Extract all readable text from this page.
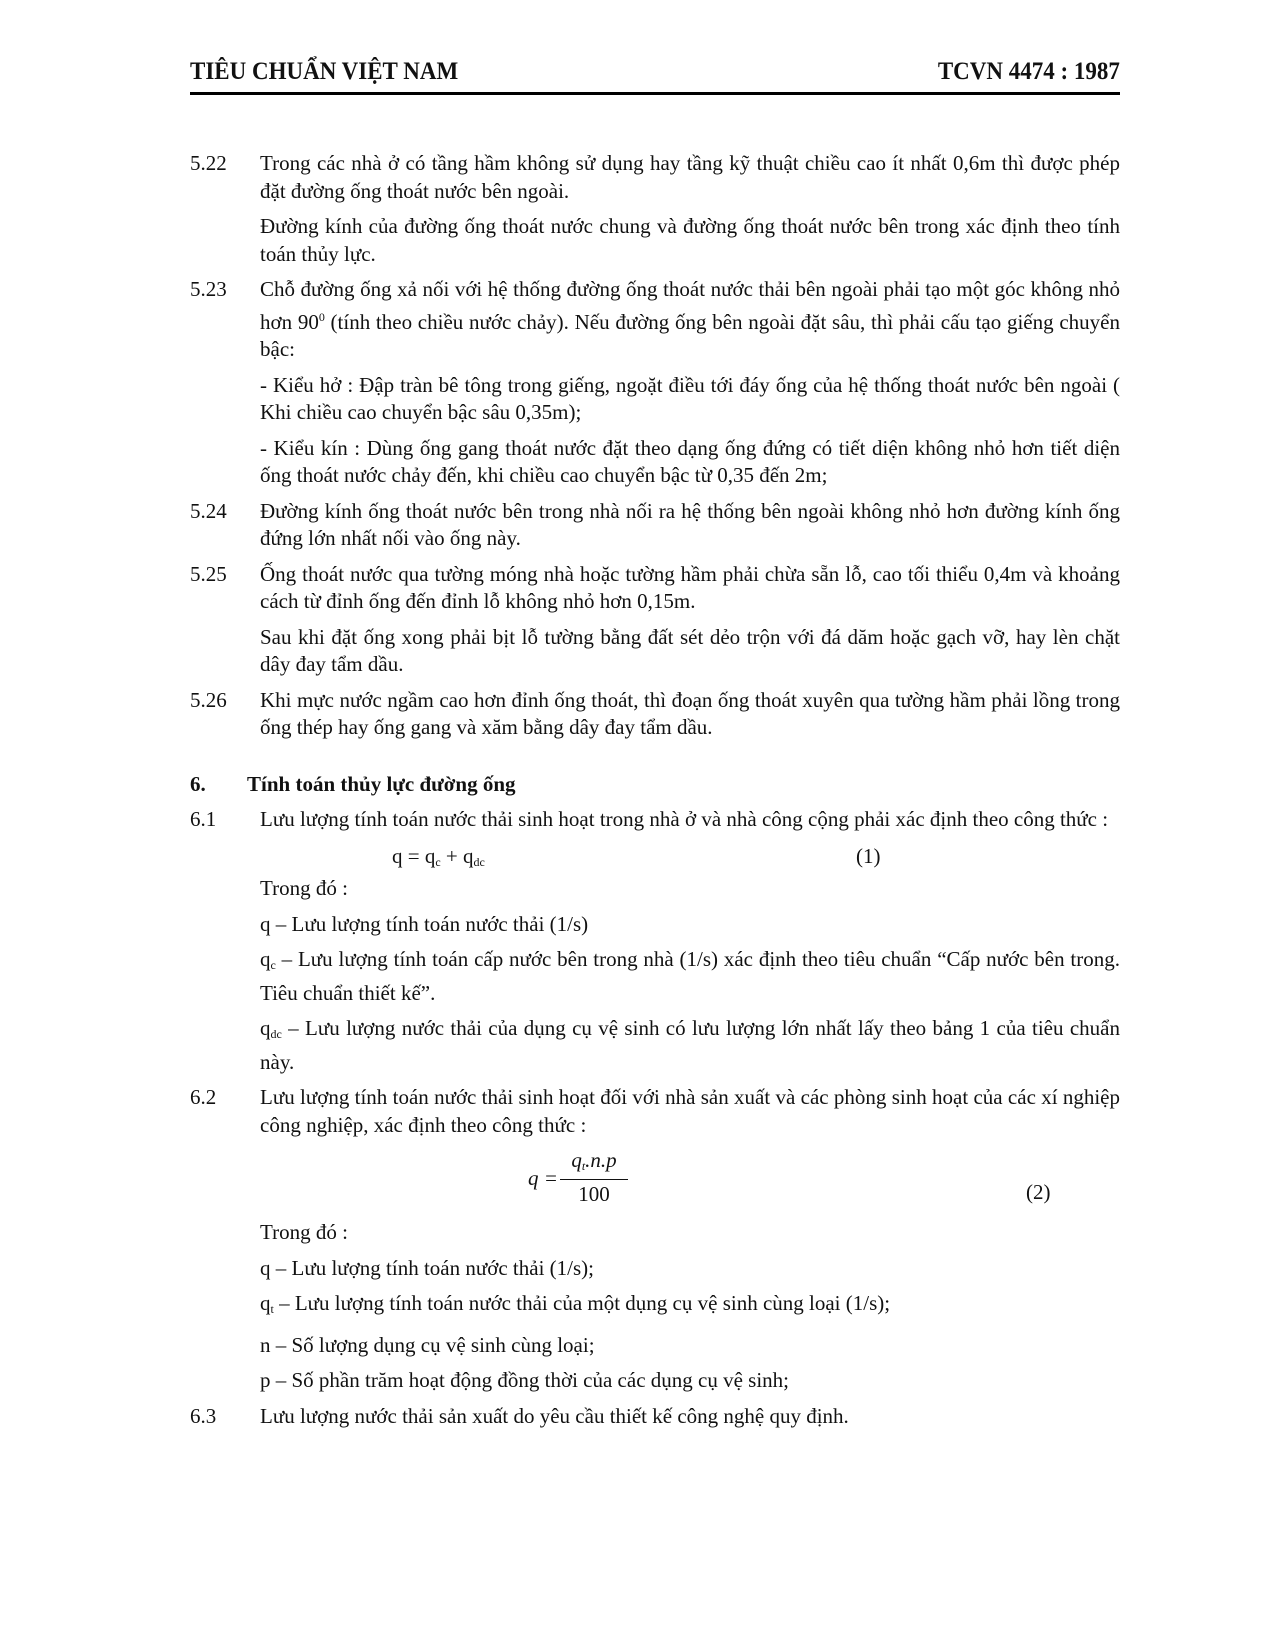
TIÊU CHUẨN VIỆT NAM	TCVN 4474 : 1987
5.22 Trong các nhà ở có tầng hầm không sử dụng hay tầng kỹ thuật chiều cao ít nhất 0,6m thì được phép đặt đường ống thoát nước bên ngoài.

Đường kính của đường ống thoát nước chung và đường ống thoát nước bên trong xác định theo tính toán thủy lực.

5.23 Chỗ đường ống xả nối với hệ thống đường ống thoát nước thải bên ngoài phải tạo một góc không nhỏ hơn $90^0$ (tính theo chiều nước chảy). Nếu đường ống bên ngoài đặt sâu, thì phải cấu tạo giếng chuyển bậc:

- Kiểu hở : Đập tràn bê tông trong giếng, ngoặt điều tới đáy ống của hệ thống thoát nước bên ngoài ( Khi chiều cao chuyển bậc sâu 0,35m);

- Kiểu kín : Dùng ống gang thoát nước đặt theo dạng ống đứng có tiết diện không nhỏ hơn tiết diện ống thoát nước chảy đến, khi chiều cao chuyển bậc từ 0,35 đến 2m;

5.24 Đường kính ống thoát nước bên trong nhà nối ra hệ thống bên ngoài không nhỏ hơn đường kính ống đứng lớn nhất nối vào ống này.

5.25 Ống thoát nước qua tường móng nhà hoặc tường hầm phải chừa sẵn lỗ, cao tối thiểu 0,4m và khoảng cách từ đỉnh ống đến đỉnh lỗ không nhỏ hơn 0,15m.

Sau khi đặt ống xong phải bịt lỗ tường bằng đất sét dẻo trộn với đá dăm hoặc gạch vỡ, hay lèn chặt dây đay tẩm dầu.

5.26 Khi mực nước ngầm cao hơn đỉnh ống thoát, thì đoạn ống thoát xuyên qua tường hầm phải lồng trong ống thép hay ống gang và xăm bằng dây đay tẩm dầu.

6. Tính toán thủy lực đường ống
6.1 Lưu lượng tính toán nước thải sinh hoạt trong nhà ở và nhà công cộng phải xác định theo công thức :

$q = q_c + q_{dc}$	(1)

Trong đó :

q – Lưu lượng tính toán nước thải (1/s)

$q_c$ – Lưu lượng tính toán cấp nước bên trong nhà (1/s) xác định theo tiêu chuẩn “Cấp nước bên trong. Tiêu chuẩn thiết kế”.

$q_{dc}$ – Lưu lượng nước thải của dụng cụ vệ sinh có lưu lượng lớn nhất lấy theo bảng 1 của tiêu chuẩn này.

6.2 Lưu lượng tính toán nước thải sinh hoạt đối với nhà sản xuất và các phòng sinh hoạt của các xí nghiệp công nghiệp, xác định theo công thức :

$q = \frac{q_t.n.p}{100}$	(2)

Trong đó :

q – Lưu lượng tính toán nước thải (1/s);

$q_t$ – Lưu lượng tính toán nước thải của một dụng cụ vệ sinh cùng loại (1/s);

n – Số lượng dụng cụ vệ sinh cùng loại;

p – Số phần trăm hoạt động đồng thời của các dụng cụ vệ sinh;

6.3 Lưu lượng nước thải sản xuất do yêu cầu thiết kế công nghệ quy định.
